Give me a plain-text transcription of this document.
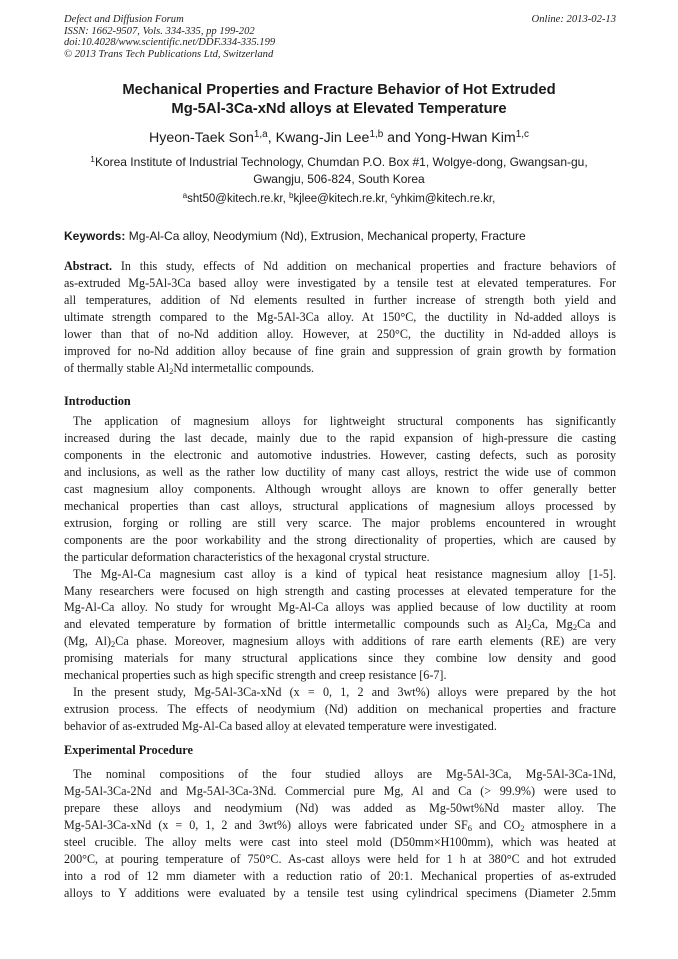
Defect and Diffusion Forum
ISSN: 1662-9507, Vols. 334-335, pp 199-202
doi:10.4028/www.scientific.net/DDF.334-335.199
© 2013 Trans Tech Publications Ltd, Switzerland
Online: 2013-02-13
Mechanical Properties and Fracture Behavior of Hot Extruded
Mg-5Al-3Ca-xNd alloys at Elevated Temperature
Hyeon-Taek Son$^{1,a}$, Kwang-Jin Lee$^{1,b}$ and Yong-Hwan Kim$^{1,c}$
$^1$Korea Institute of Industrial Technology, Chumdan P.O. Box #1, Wolgye-dong, Gwangsan-gu,
Gwangju, 506-824, South Korea
$^a$sht50@kitech.re.kr, $^b$kjlee@kitech.re.kr, $^c$yhkim@kitech.re.kr,
Keywords: Mg-Al-Ca alloy, Neodymium (Nd), Extrusion, Mechanical property, Fracture
Abstract. In this study, effects of Nd addition on mechanical properties and fracture behaviors of
as-extruded Mg-5Al-3Ca based alloy were investigated by a tensile test at elevated temperatures. For
all temperatures, addition of Nd elements resulted in further increase of strength both yield and
ultimate strength compared to the Mg-5Al-3Ca alloy. At 150°C, the ductility in Nd-added alloys is
lower than that of no-Nd addition alloy. However, at 250°C, the ductility in Nd-added alloys is
improved for no-Nd addition alloy because of fine grain and suppression of grain growth by formation
of thermally stable $Al_2Nd$ intermetallic compounds.
Introduction
The application of magnesium alloys for lightweight structural components has significantly
increased during the last decade, mainly due to the rapid expansion of high-pressure die casting
components in the electronic and automotive industries. However, casting defects, such as porosity
and inclusions, as well as the rather low ductility of many cast alloys, restrict the wide use of common
cast magnesium alloy components. Although wrought alloys are known to offer generally better
mechanical properties than cast alloys, structural applications of magnesium alloys processed by
extrusion, forging or rolling are still very scarce. The major problems encountered in wrought
components are the poor workability and the strong directionality of properties, which are caused by
the particular deformation characteristics of the hexagonal crystal structure.
The Mg-Al-Ca magnesium cast alloy is a kind of typical heat resistance magnesium alloy [1-5].
Many researchers were focused on high strength and casting processes at elevated temperature for the
Mg-Al-Ca alloy. No study for wrought Mg-Al-Ca alloys was applied because of low ductility at room
and elevated temperature by formation of brittle intermetallic compounds such as $Al_2Ca$, $Mg_2Ca$ and
(Mg, $Al)_2Ca$ phase. Moreover, magnesium alloys with additions of rare earth elements (RE) are very
promising materials for many structural applications since they combine low density and good
mechanical properties such as high specific strength and creep resistance [6-7].
In the present study, Mg-5Al-3Ca-xNd (x = 0, 1, 2 and 3wt%) alloys were prepared by the hot
extrusion process. The effects of neodymium (Nd) addition on mechanical properties and fracture
behavior of as-extruded Mg-Al-Ca based alloy at elevated temperature were investigated.
Experimental Procedure
The nominal compositions of the four studied alloys are Mg-5Al-3Ca, Mg-5Al-3Ca-1Nd,
Mg-5Al-3Ca-2Nd and Mg-5Al-3Ca-3Nd. Commercial pure Mg, Al and Ca (> 99.9%) were used to
prepare these alloys and neodymium (Nd) was added as Mg-50wt%Nd master alloy. The
Mg-5Al-3Ca-xNd (x = 0, 1, 2 and 3wt%) alloys were fabricated under $SF_6$ and $CO_2$ atmosphere in a
steel crucible. The alloy melts were cast into steel mold (D50mm×H100mm), which was heated at
200°C, at pouring temperature of 750°C. As-cast alloys were held for 1 h at 380°C and hot extruded
into a rod of 12 mm diameter with a reduction ratio of 20:1. Mechanical properties of as-extruded
alloys to Y additions were evaluated by a tensile test using cylindrical specimens (Diameter 2.5mm
